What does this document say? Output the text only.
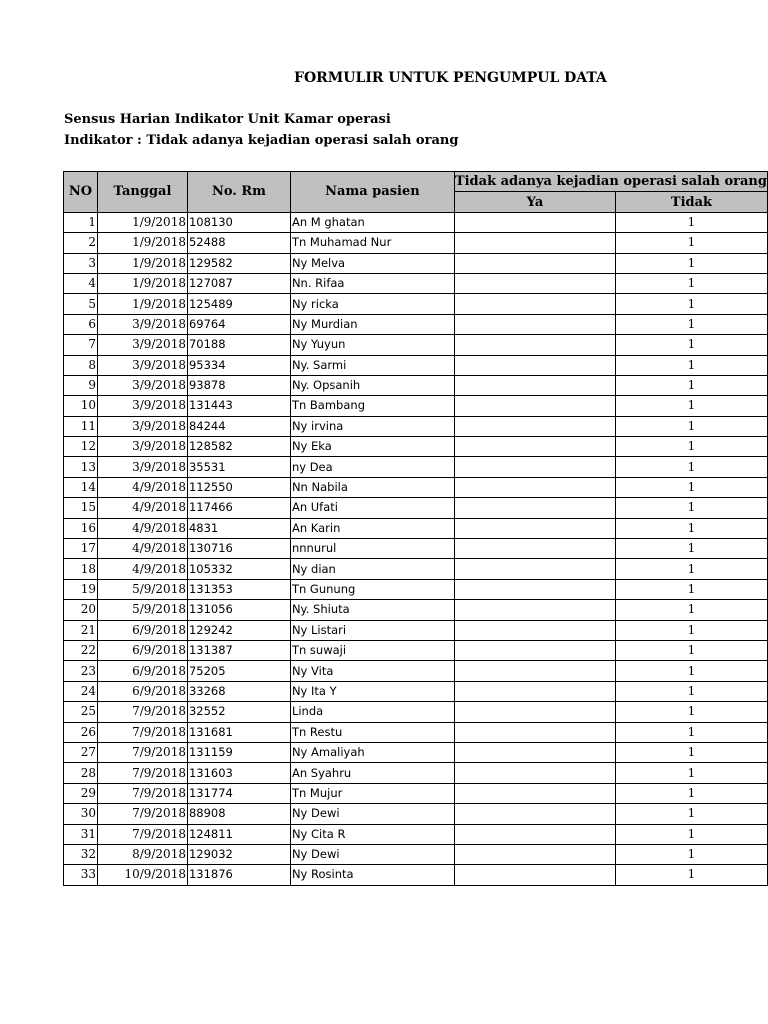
FORMULIR UNTUK PENGUMPUL DATA
Sensus Harian Indikator Unit Kamar operasi
Indikator : Tidak adanya kejadian operasi salah orang
NO	Tanggal	No. Rm	Nama pasien	Tidak adanya kejadian operasi salah orang	
				Ya	Tidak
1	1/9/2018	108130	An M ghatan		1
2	1/9/2018	52488	Tn Muhamad Nur		1
3	1/9/2018	129582	Ny Melva		1
4	1/9/2018	127087	Nn. Rifaa		1
5	1/9/2018	125489	Ny ricka		1
6	3/9/2018	69764	Ny Murdian		1
7	3/9/2018	70188	Ny Yuyun		1
8	3/9/2018	95334	Ny. Sarmi		1
9	3/9/2018	93878	Ny. Opsanih		1
10	3/9/2018	131443	Tn Bambang		1
11	3/9/2018	84244	Ny irvina		1
12	3/9/2018	128582	Ny Eka		1
13	3/9/2018	35531	ny Dea		1
14	4/9/2018	112550	Nn Nabila		1
15	4/9/2018	117466	An Ufati		1
16	4/9/2018	4831	An Karin		1
17	4/9/2018	130716	nnnurul		1
18	4/9/2018	105332	Ny dian		1
19	5/9/2018	131353	Tn Gunung		1
20	5/9/2018	131056	Ny. Shiuta		1
21	6/9/2018	129242	Ny Listari		1
22	6/9/2018	131387	Tn suwaji		1
23	6/9/2018	75205	Ny Vita		1
24	6/9/2018	33268	Ny Ita Y		1
25	7/9/2018	32552	Linda		1
26	7/9/2018	131681	Tn Restu		1
27	7/9/2018	131159	Ny Amaliyah		1
28	7/9/2018	131603	An Syahru		1
29	7/9/2018	131774	Tn Mujur		1
30	7/9/2018	88908	Ny Dewi		1
31	7/9/2018	124811	Ny Cita R		1
32	8/9/2018	129032	Ny Dewi		1
33	10/9/2018	131876	Ny Rosinta		1
